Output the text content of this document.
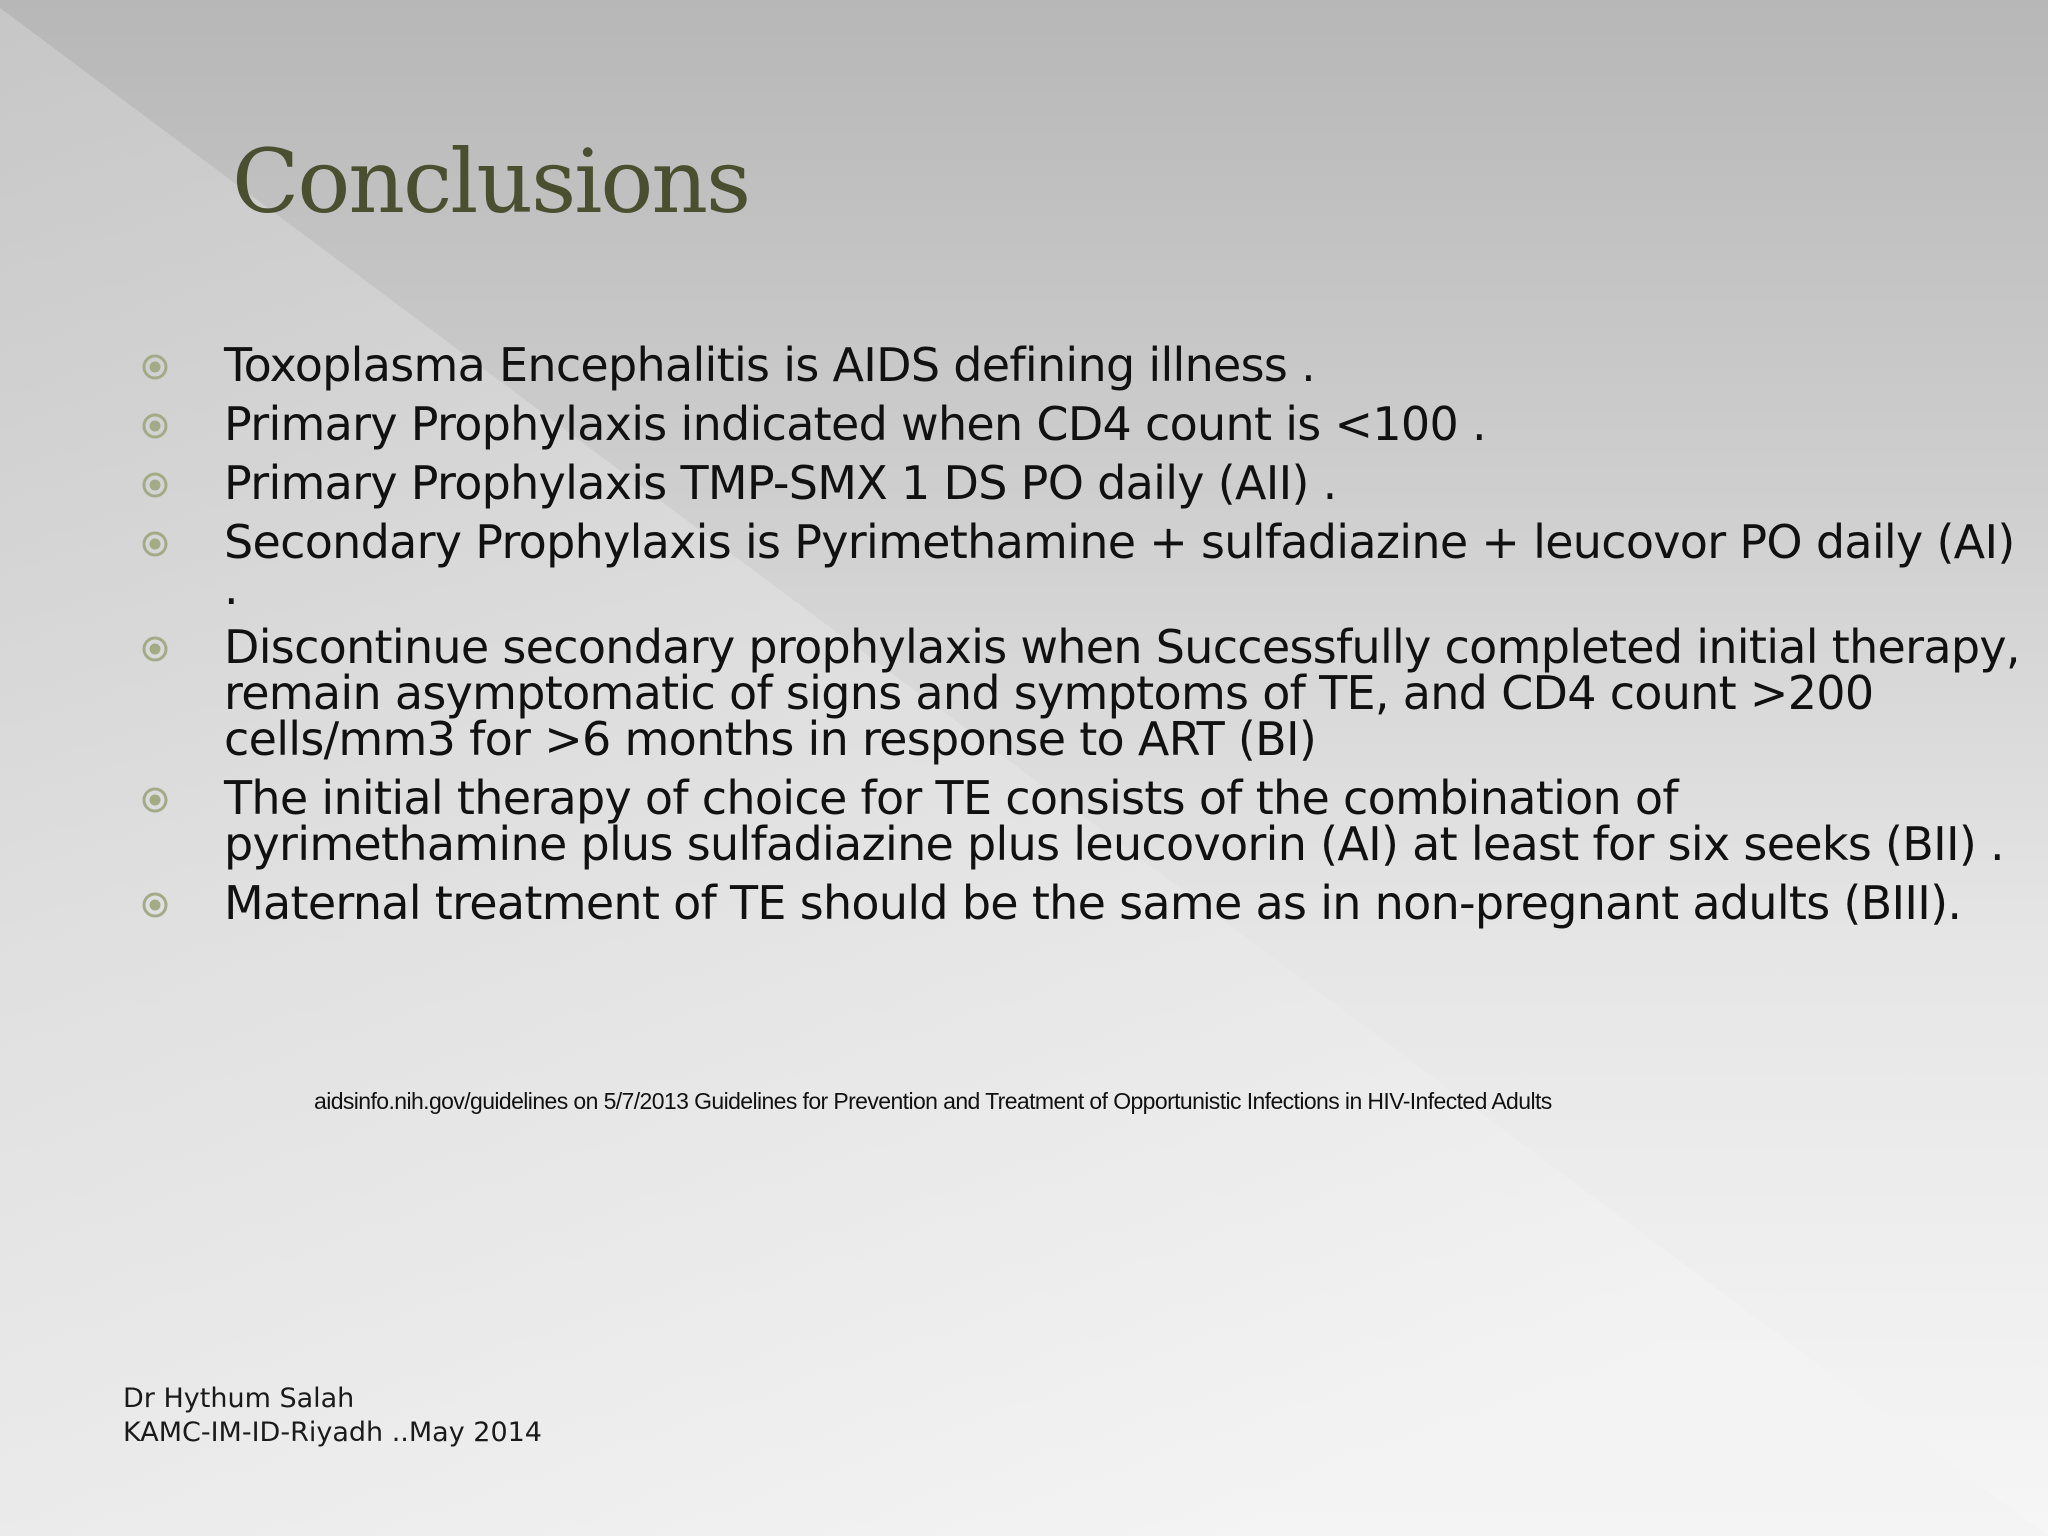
Conclusions
Toxoplasma Encephalitis is AIDS defining illness .
Primary Prophylaxis indicated when CD4 count is <100 .
Primary Prophylaxis TMP-SMX 1 DS PO daily (AII) .
Secondary Prophylaxis is Pyrimethamine + sulfadiazine + leucovor PO daily (AI) .
Discontinue secondary prophylaxis when Successfully completed initial therapy, remain asymptomatic of signs and symptoms of TE, and CD4 count >200 cells/mm3 for >6 months in response to ART (BI)
The initial therapy of choice for TE consists of the combination of pyrimethamine plus sulfadiazine plus leucovorin (AI) at least for six seeks (BII) .
Maternal treatment of TE should be the same as in non-pregnant adults (BIII).
aidsinfo.nih.gov/guidelines on 5/7/2013 Guidelines for Prevention and Treatment of Opportunistic Infections in HIV-Infected Adults
Dr Hythum Salah
KAMC-IM-ID-Riyadh ..May 2014
